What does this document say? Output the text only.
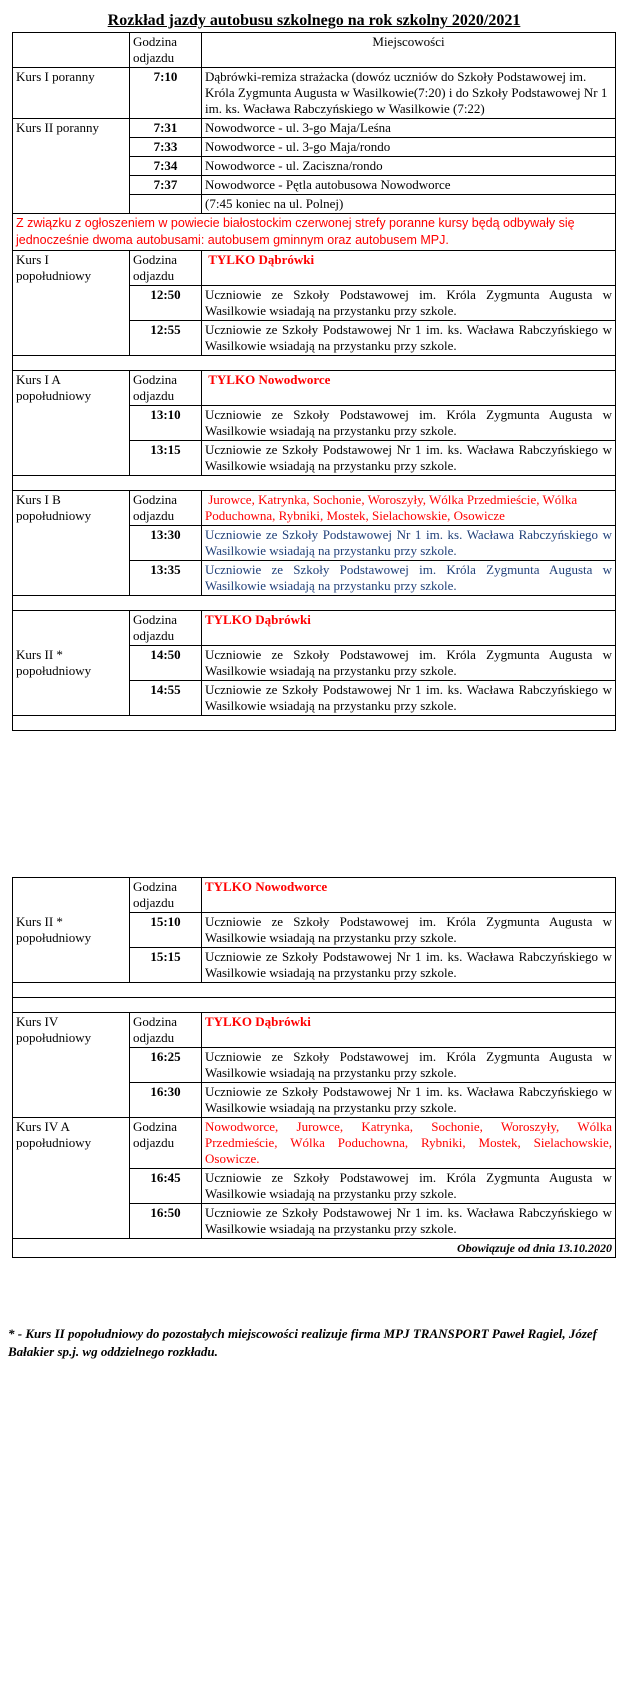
Rozkład jazdy autobusu szkolnego na rok szkolny 2020/2021
	Godzina odjazdu	Miejscowości
Kurs I poranny	7:10	Dąbrówki-remiza strażacka (dowóz uczniów do Szkoły Podstawowej im. Króla Zygmunta Augusta w Wasilkowie(7:20) i do Szkoły Podstawowej Nr 1 im. ks. Wacława Rabczyńskiego w Wasilkowie (7:22)
Kurs II poranny	7:31	Nowodworce - ul. 3-go Maja/Leśna
	7:33	Nowodworce - ul. 3-go Maja/rondo
	7:34	Nowodworce - ul. Zaciszna/rondo
	7:37	Nowodworce - Pętla autobusowa Nowodworce
		(7:45 koniec na ul. Polnej)
Z związku z ogłoszeniem w powiecie białostockim czerwonej strefy poranne kursy będą odbywały się jednocześnie dwoma autobusami: autobusem gminnym oraz autobusem MPJ.		
Kurs I popołudniowy	Godzina odjazdu	TYLKO Dąbrówki
	12:50	Uczniowie ze Szkoły Podstawowej im. Króla Zygmunta Augusta w Wasilkowie wsiadają na przystanku przy szkole.
	12:55	Uczniowie ze Szkoły Podstawowej Nr 1 im. ks. Wacława Rabczyńskiego w Wasilkowie wsiadają na przystanku przy szkole.

Kurs I A popołudniowy	Godzina odjazdu	TYLKO Nowodworce
	13:10	Uczniowie ze Szkoły Podstawowej im. Króla Zygmunta Augusta w Wasilkowie wsiadają na przystanku przy szkole.
	13:15	Uczniowie ze Szkoły Podstawowej Nr 1 im. ks. Wacława Rabczyńskiego w Wasilkowie wsiadają na przystanku przy szkole.

Kurs I B popołudniowy	Godzina odjazdu	Jurowce, Katrynka, Sochonie, Woroszyły, Wólka Przedmieście, Wólka Poduchowna, Rybniki, Mostek, Sielachowskie, Osowicze
	13:30	Uczniowie ze Szkoły Podstawowej Nr 1 im. ks. Wacława Rabczyńskiego w Wasilkowie wsiadają na przystanku przy szkole.
	13:35	Uczniowie ze Szkoły Podstawowej im. Króla Zygmunta Augusta w Wasilkowie wsiadają na przystanku przy szkole.

Kurs II * popołudniowy	Godzina odjazdu	TYLKO Dąbrówki
	14:50	Uczniowie ze Szkoły Podstawowej im. Króla Zygmunta Augusta w Wasilkowie wsiadają na przystanku przy szkole.
	14:55	Uczniowie ze Szkoły Podstawowej Nr 1 im. ks. Wacława Rabczyńskiego w Wasilkowie wsiadają na przystanku przy szkole.

Kurs II * popołudniowy	Godzina odjazdu	TYLKO Nowodworce
	15:10	Uczniowie ze Szkoły Podstawowej im. Króla Zygmunta Augusta w Wasilkowie wsiadają na przystanku przy szkole.
	15:15	Uczniowie ze Szkoły Podstawowej Nr 1 im. ks. Wacława Rabczyńskiego w Wasilkowie wsiadają na przystanku przy szkole.

Kurs IV popołudniowy	Godzina odjazdu	TYLKO Dąbrówki
	16:25	Uczniowie ze Szkoły Podstawowej im. Króla Zygmunta Augusta w Wasilkowie wsiadają na przystanku przy szkole.
	16:30	Uczniowie ze Szkoły Podstawowej Nr 1 im. ks. Wacława Rabczyńskiego w Wasilkowie wsiadają na przystanku przy szkole.
Kurs IV A popołudniowy	Godzina odjazdu	Nowodworce, Jurowce, Katrynka, Sochonie, Woroszyły, Wólka Przedmieście, Wólka Poduchowna, Rybniki, Mostek, Sielachowskie, Osowicze.
	16:45	Uczniowie ze Szkoły Podstawowej im. Króla Zygmunta Augusta w Wasilkowie wsiadają na przystanku przy szkole.
	16:50	Uczniowie ze Szkoły Podstawowej Nr 1 im. ks. Wacława Rabczyńskiego w Wasilkowie wsiadają na przystanku przy szkole.
Obowiązuje od dnia 13.10.2020		
* - Kurs II popołudniowy do pozostałych miejscowości realizuje firma MPJ TRANSPORT Paweł Ragiel, Józef Bałakier sp.j. wg oddzielnego rozkładu.
